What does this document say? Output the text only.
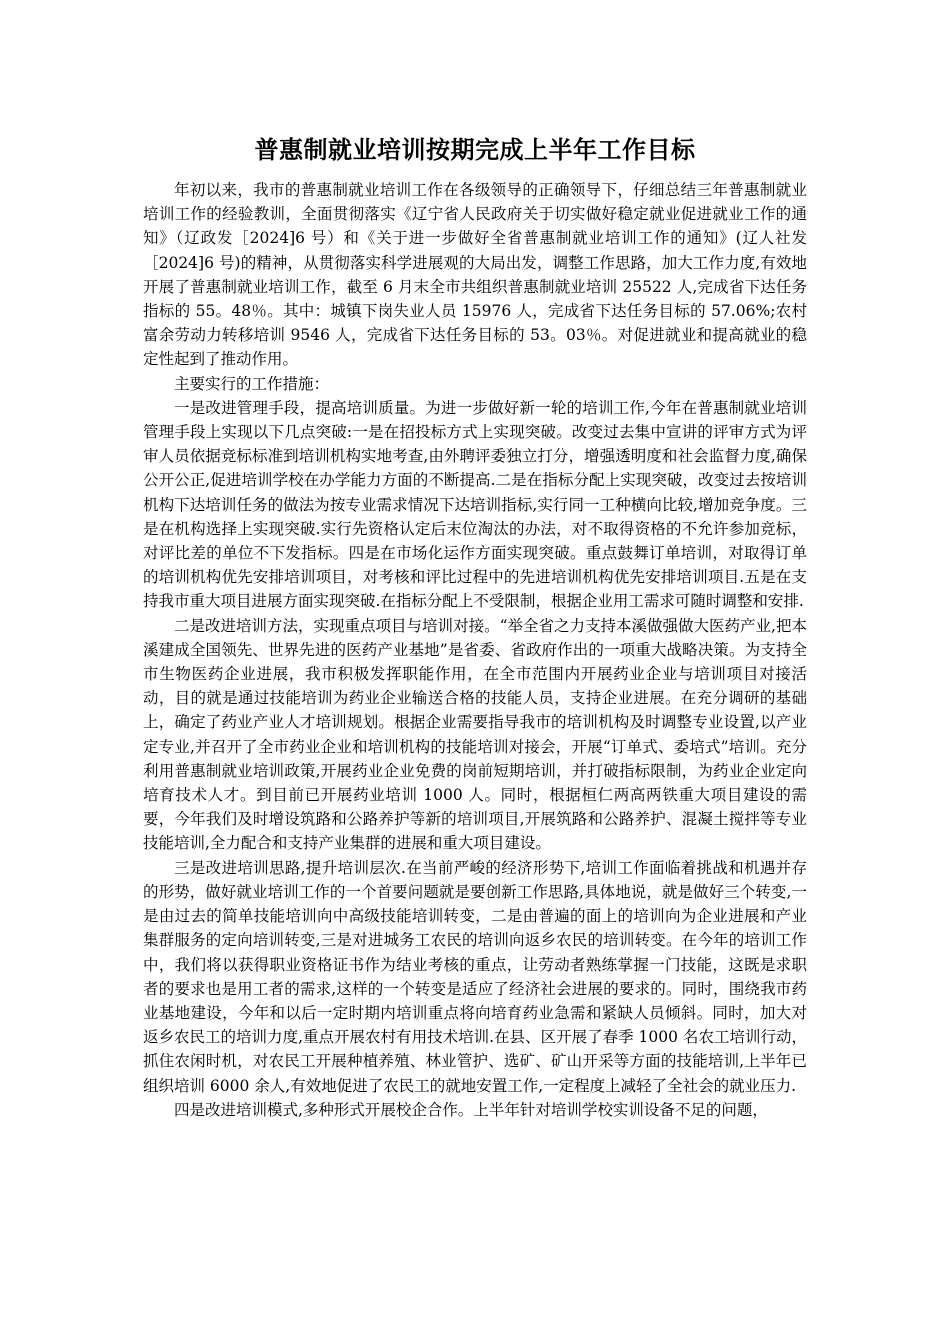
普惠制就业培训按期完成上半年工作目标

年初以来，我市的普惠制就业培训工作在各级领导的正确领导下，仔细总结三年普惠制就业培训工作的经验教训，全面贯彻落实《辽宁省人民政府关于切实做好稳定就业促进就业工作的通知》（辽政发［2024]6 号）和《关于进一步做好全省普惠制就业培训工作的通知》(辽人社发［2024]6 号)的精神，从贯彻落实科学进展观的大局出发，调整工作思路，加大工作力度,有效地开展了普惠制就业培训工作，截至 6 月末全市共组织普惠制就业培训 25522 人,完成省下达任务指标的 55。48％。其中：城镇下岗失业人员 15976 人，完成省下达任务目标的 57.06%;农村富余劳动力转移培训 9546 人，完成省下达任务目标的 53。03％。对促进就业和提高就业的稳定性起到了推动作用。

主要实行的工作措施：

一是改进管理手段，提高培训质量。为进一步做好新一轮的培训工作,今年在普惠制就业培训管理手段上实现以下几点突破:一是在招投标方式上实现突破。改变过去集中宣讲的评审方式为评审人员依据竞标标准到培训机构实地考查,由外聘评委独立打分，增强透明度和社会监督力度,确保公开公正,促进培训学校在办学能力方面的不断提高.二是在指标分配上实现突破，改变过去按培训机构下达培训任务的做法为按专业需求情况下达培训指标,实行同一工种横向比较,增加竞争度。三是在机构选择上实现突破.实行先资格认定后末位淘汰的办法，对不取得资格的不允许参加竞标，对评比差的单位不下发指标。四是在市场化运作方面实现突破。重点鼓舞订单培训，对取得订单的培训机构优先安排培训项目，对考核和评比过程中的先进培训机构优先安排培训项目.五是在支持我市重大项目进展方面实现突破.在指标分配上不受限制，根据企业用工需求可随时调整和安排.

二是改进培训方法，实现重点项目与培训对接。“举全省之力支持本溪做强做大医药产业,把本溪建成全国领先、世界先进的医药产业基地”是省委、省政府作出的一项重大战略决策。为支持全市生物医药企业进展，我市积极发挥职能作用，在全市范围内开展药业企业与培训项目对接活动，目的就是通过技能培训为药业企业输送合格的技能人员，支持企业进展。在充分调研的基础上，确定了药业产业人才培训规划。根据企业需要指导我市的培训机构及时调整专业设置,以产业定专业,并召开了全市药业企业和培训机构的技能培训对接会，开展“订单式、委培式”培训。充分利用普惠制就业培训政策,开展药业企业免费的岗前短期培训，并打破指标限制，为药业企业定向培育技术人才。到目前已开展药业培训 1000 人。同时，根据桓仁两高两铁重大项目建设的需要，今年我们及时增设筑路和公路养护等新的培训项目,开展筑路和公路养护、混凝土搅拌等专业技能培训,全力配合和支持产业集群的进展和重大项目建设。

三是改进培训思路,提升培训层次.在当前严峻的经济形势下,培训工作面临着挑战和机遇并存的形势，做好就业培训工作的一个首要问题就是要创新工作思路,具体地说，就是做好三个转变,一是由过去的简单技能培训向中高级技能培训转变，二是由普遍的面上的培训向为企业进展和产业集群服务的定向培训转变,三是对进城务工农民的培训向返乡农民的培训转变。在今年的培训工作中，我们将以获得职业资格证书作为结业考核的重点，让劳动者熟练掌握一门技能，这既是求职者的要求也是用工者的需求,这样的一个转变是适应了经济社会进展的要求的。同时，围绕我市药业基地建设，今年和以后一定时期内培训重点将向培育药业急需和紧缺人员倾斜。同时，加大对返乡农民工的培训力度,重点开展农村有用技术培训.在县、区开展了春季 1000 名农工培训行动，抓住农闲时机，对农民工开展种植养殖、林业管护、选矿、矿山开采等方面的技能培训,上半年已组织培训 6000 余人,有效地促进了农民工的就地安置工作,一定程度上减轻了全社会的就业压力.

四是改进培训模式,多种形式开展校企合作。上半年针对培训学校实训设备不足的问题，
